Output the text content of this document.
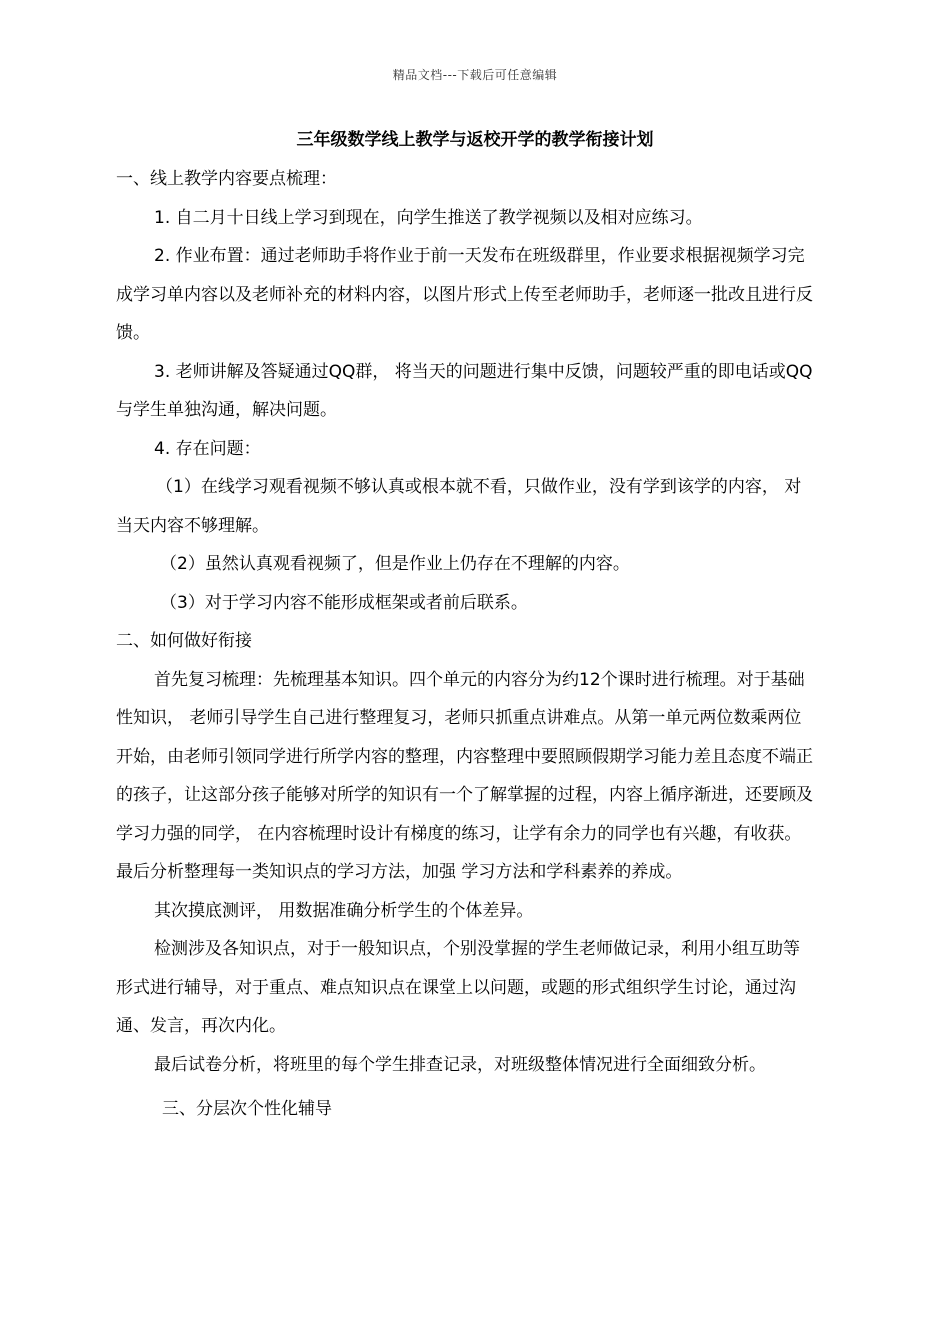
精品文档---下载后可任意编辑
三年级数学线上教学与返校开学的教学衔接计划

一、线上教学内容要点梳理：

1. 自二月十日线上学习到现在，向学生推送了教学视频以及相对应练习。

2. 作业布置：通过老师助手将作业于前一天发布在班级群里，作业要求根据视频学习完成学习单内容以及老师补充的材料内容，以图片形式上传至老师助手，老师逐一批改且进行反馈。

3. 老师讲解及答疑通过QQ群， 将当天的问题进行集中反馈，问题较严重的即电话或QQ与学生单独沟通，解决问题。

4. 存在问题：

（1）在线学习观看视频不够认真或根本就不看，只做作业，没有学到该学的内容， 对当天内容不够理解。

（2）虽然认真观看视频了，但是作业上仍存在不理解的内容。

（3）对于学习内容不能形成框架或者前后联系。

二、如何做好衔接

首先复习梳理：先梳理基本知识。四个单元的内容分为约12个课时进行梳理。对于基础性知识， 老师引导学生自己进行整理复习，老师只抓重点讲难点。从第一单元两位数乘两位开始，由老师引领同学进行所学内容的整理，内容整理中要照顾假期学习能力差且态度不端正的孩子，让这部分孩子能够对所学的知识有一个了解掌握的过程，内容上循序渐进，还要顾及学习力强的同学， 在内容梳理时设计有梯度的练习，让学有余力的同学也有兴趣，有收获。 最后分析整理每一类知识点的学习方法，加强 学习方法和学科素养的养成。

其次摸底测评， 用数据准确分析学生的个体差异。

检测涉及各知识点，对于一般知识点，个别没掌握的学生老师做记录，利用小组互助等形式进行辅导，对于重点、难点知识点在课堂上以问题，或题的形式组织学生讨论，通过沟通、发言，再次内化。

最后试卷分析，将班里的每个学生排查记录，对班级整体情况进行全面细致分析。

三、分层次个性化辅导
